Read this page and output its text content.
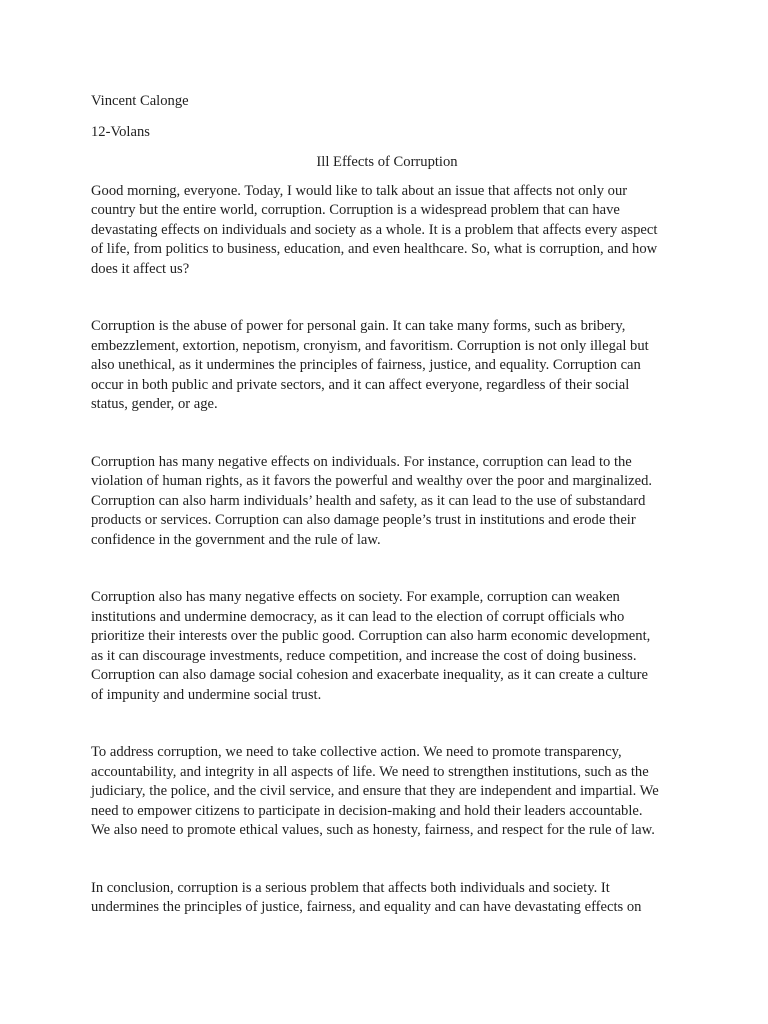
Vincent Calonge

12-Volans

Ill Effects of Corruption

Good morning, everyone. Today, I would like to talk about an issue that affects not only our

country but the entire world, corruption. Corruption is a widespread problem that can have

devastating effects on individuals and society as a whole. It is a problem that affects every aspect

of life, from politics to business, education, and even healthcare. So, what is corruption, and how

does it affect us?

Corruption is the abuse of power for personal gain. It can take many forms, such as bribery,

embezzlement, extortion, nepotism, cronyism, and favoritism. Corruption is not only illegal but

also unethical, as it undermines the principles of fairness, justice, and equality. Corruption can

occur in both public and private sectors, and it can affect everyone, regardless of their social

status, gender, or age.

Corruption has many negative effects on individuals. For instance, corruption can lead to the

violation of human rights, as it favors the powerful and wealthy over the poor and marginalized.

Corruption can also harm individuals’ health and safety, as it can lead to the use of substandard

products or services. Corruption can also damage people’s trust in institutions and erode their

confidence in the government and the rule of law.

Corruption also has many negative effects on society. For example, corruption can weaken

institutions and undermine democracy, as it can lead to the election of corrupt officials who

prioritize their interests over the public good. Corruption can also harm economic development,

as it can discourage investments, reduce competition, and increase the cost of doing business.

Corruption can also damage social cohesion and exacerbate inequality, as it can create a culture

of impunity and undermine social trust.

To address corruption, we need to take collective action. We need to promote transparency,

accountability, and integrity in all aspects of life. We need to strengthen institutions, such as the

judiciary, the police, and the civil service, and ensure that they are independent and impartial. We

need to empower citizens to participate in decision-making and hold their leaders accountable.

We also need to promote ethical values, such as honesty, fairness, and respect for the rule of law.

In conclusion, corruption is a serious problem that affects both individuals and society. It

undermines the principles of justice, fairness, and equality and can have devastating effects on
